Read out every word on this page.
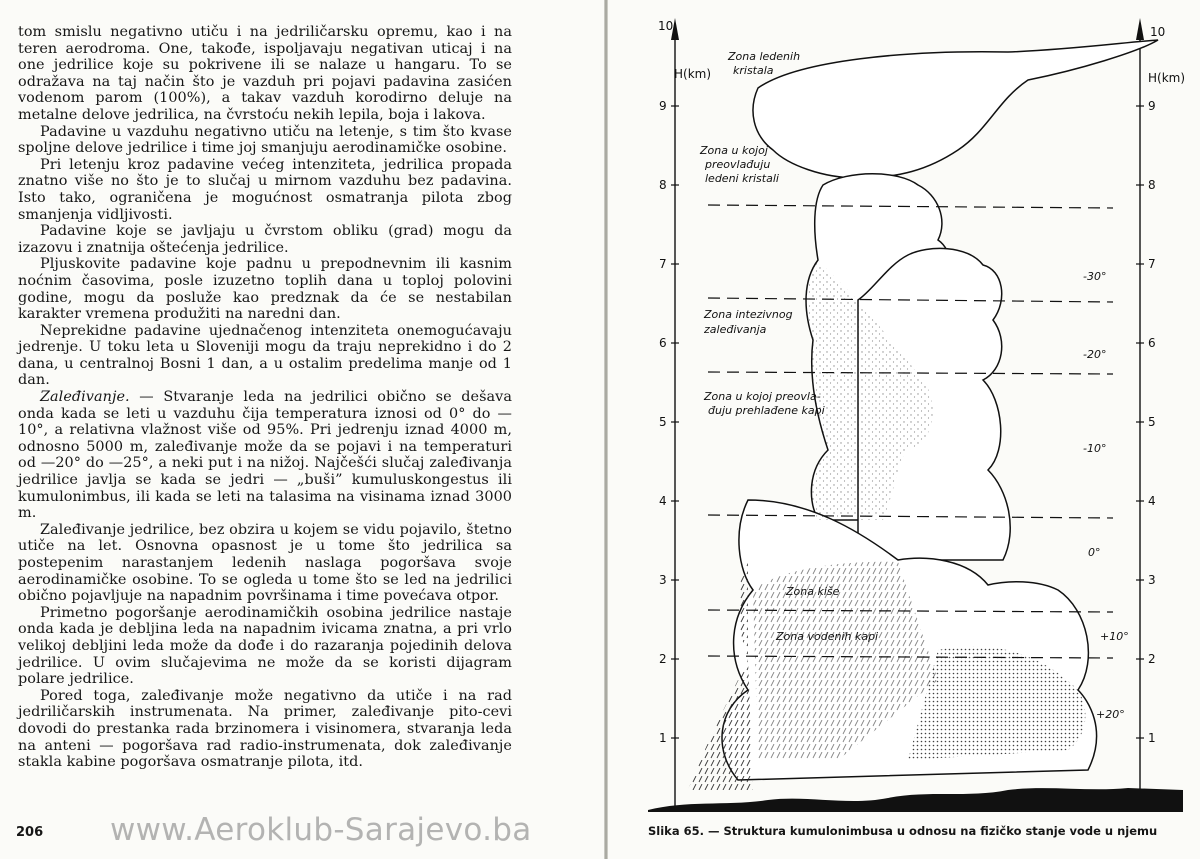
tom smislu negativno utiču i na jedriličarsku opremu, kao i na teren aerodroma. One, takođe, ispoljavaju negativan uticaj i na one jedrilice koje su pokrivene ili se nalaze u hangaru. To se odražava na taj način što je vazduh pri pojavi padavina zasićen vodenom parom (100%), a takav vazduh korodirno deluje na metalne delove jedrilica, na čvrstoću nekih lepila, boja i lakova.

Padavine u vazduhu negativno utiču na letenje, s tim što kvase spoljne delove jedrilice i time joj smanjuju aerodinamičke osobine.

Pri letenju kroz padavine većeg intenziteta, jedrilica propada znatno više no što je to slučaj u mirnom vazduhu bez padavina. Isto tako, ograničena je mogućnost osmatranja pilota zbog smanjenja vidljivosti.

Padavine koje se javljaju u čvrstom obliku (grad) mogu da izazovu i znatnija oštećenja jedrilice.

Pljuskovite padavine koje padnu u prepodnevnim ili kasnim noćnim časovima, posle izuzetno toplih dana u toploj polovini godine, mogu da posluže kao predznak da će se nestabilan karakter vremena produžiti na naredni dan.

Neprekidne padavine ujednačenog intenziteta onemogućavaju jedrenje. U toku leta u Sloveniji mogu da traju neprekidno i do 2 dana, u centralnoj Bosni 1 dan, a u ostalim predelima manje od 1 dan.

Zaleđivanje. — Stvaranje leda na jedrilici obično se dešava onda kada se leti u vazduhu čija temperatura iznosi od 0° do —10°, a relativna vlažnost više od 95%. Pri jedrenju iznad 4000 m, odnosno 5000 m, zaleđivanje može da se pojavi i na temperaturi od —20° do —25°, a neki put i na nižoj. Najčešći slučaj zaleđivanja jedrilice javlja se kada se jedri — „buši” kumuluskongestus ili kumulonimbus, ili kada se leti na talasima na visinama iznad 3000 m.

Zaleđivanje jedrilice, bez obzira u kojem se vidu pojavilo, štetno utiče na let. Osnovna opasnost je u tome što jedrilica sa postepenim narastanjem ledenih naslaga pogoršava svoje aerodinamičke osobine. To se ogleda u tome što se led na jedrilici obično pojavljuje na napadnim površinama i time povećava otpor.

Primetno pogoršanje aerodinamičkih osobina jedrilice nastaje onda kada je debljina leda na napadnim ivicama znatna, a pri vrlo velikoj debljini leda može da dođe i do razaranja pojedinih delova jedrilice. U ovim slučajevima ne može da se koristi dijagram polare jedrilice.

Pored toga, zaleđivanje može negativno da utiče i na rad jedriličarskih instrumenata. Na primer, zaleđivanje pito-cevi dovodi do prestanka rada brzinomera i visinomera, stvaranja leda na anteni — pogoršava rad radio-instrumenata, dok zaleđivanje stakla kabine pogoršava osmatranje pilota, itd.

206 www.Aeroklub-Sarajevo.ba
10
H(km)
9
8
7
6
5
4
3
2
1
10
H(km)
9
8
7
6
5
4
3
2
1
Zona ledenih
kristala
Zona u kojoj
preovlađuju
ledeni kristali
Zona intezivnog
zaleđivanja
Zona u kojoj preovla-
đuju prehlađene kapi
Zona kiše
Zona vodenih kapi
-30°
-20°
-10°
0°
+10°
+20°
Slika 65. — Struktura kumulonimbusa u odnosu na fizičko stanje vode u njemu
